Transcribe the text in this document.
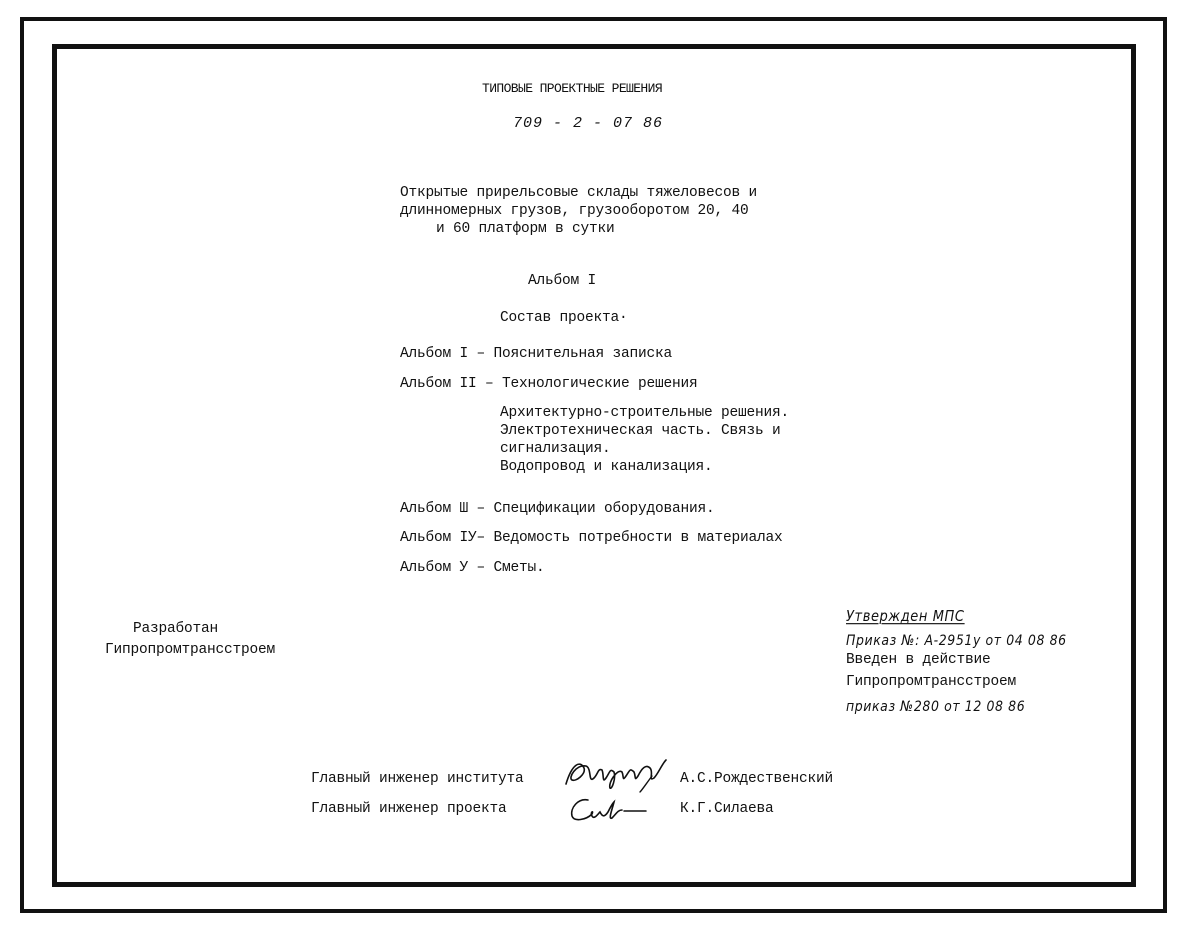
ТИПОВЫЕ ПРОЕКТНЫЕ РЕШЕНИЯ
709 - 2 - 07 86
Открытые прирельсовые склады тяжеловесов и
длинномерных грузов, грузооборотом 20, 40
и 60 платформ в сутки
Альбом I
Состав проекта·
Альбом I – Пояснительная записка
Альбом II – Технологические решения
Архитектурно-строительные решения.
Электротехническая часть. Связь и
сигнализация.
Водопровод и канализация.
Альбом Ш – Спецификации оборудования.
Альбом IУ– Ведомость потребности в материалах
Альбом У – Сметы.
Разработан
Гипропромтрансстроем
Утвержден МПС
Приказ №: А-2951у от 04 08 86
Введен в действие
Гипропромтрансстроем
приказ №280 от 12 08 86
Главный инженер института	А.С.Рождественский
Главный инженер проекта	К.Г.Силаева
